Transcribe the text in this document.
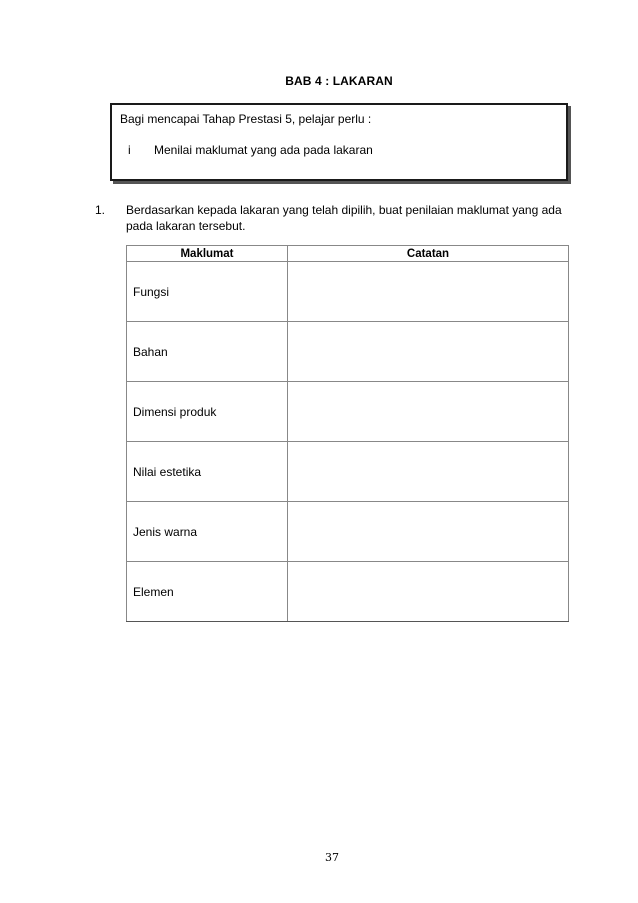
BAB 4 : LAKARAN
Bagi mencapai Tahap Prestasi 5, pelajar perlu :
i Menilai maklumat yang ada pada lakaran
1. Berdasarkan kepada lakaran yang telah dipilih, buat penilaian maklumat yang ada pada lakaran tersebut.
Maklumat	Catatan
Fungsi	
Bahan	
Dimensi produk	
Nilai estetika	
Jenis warna	
Elemen	
37
